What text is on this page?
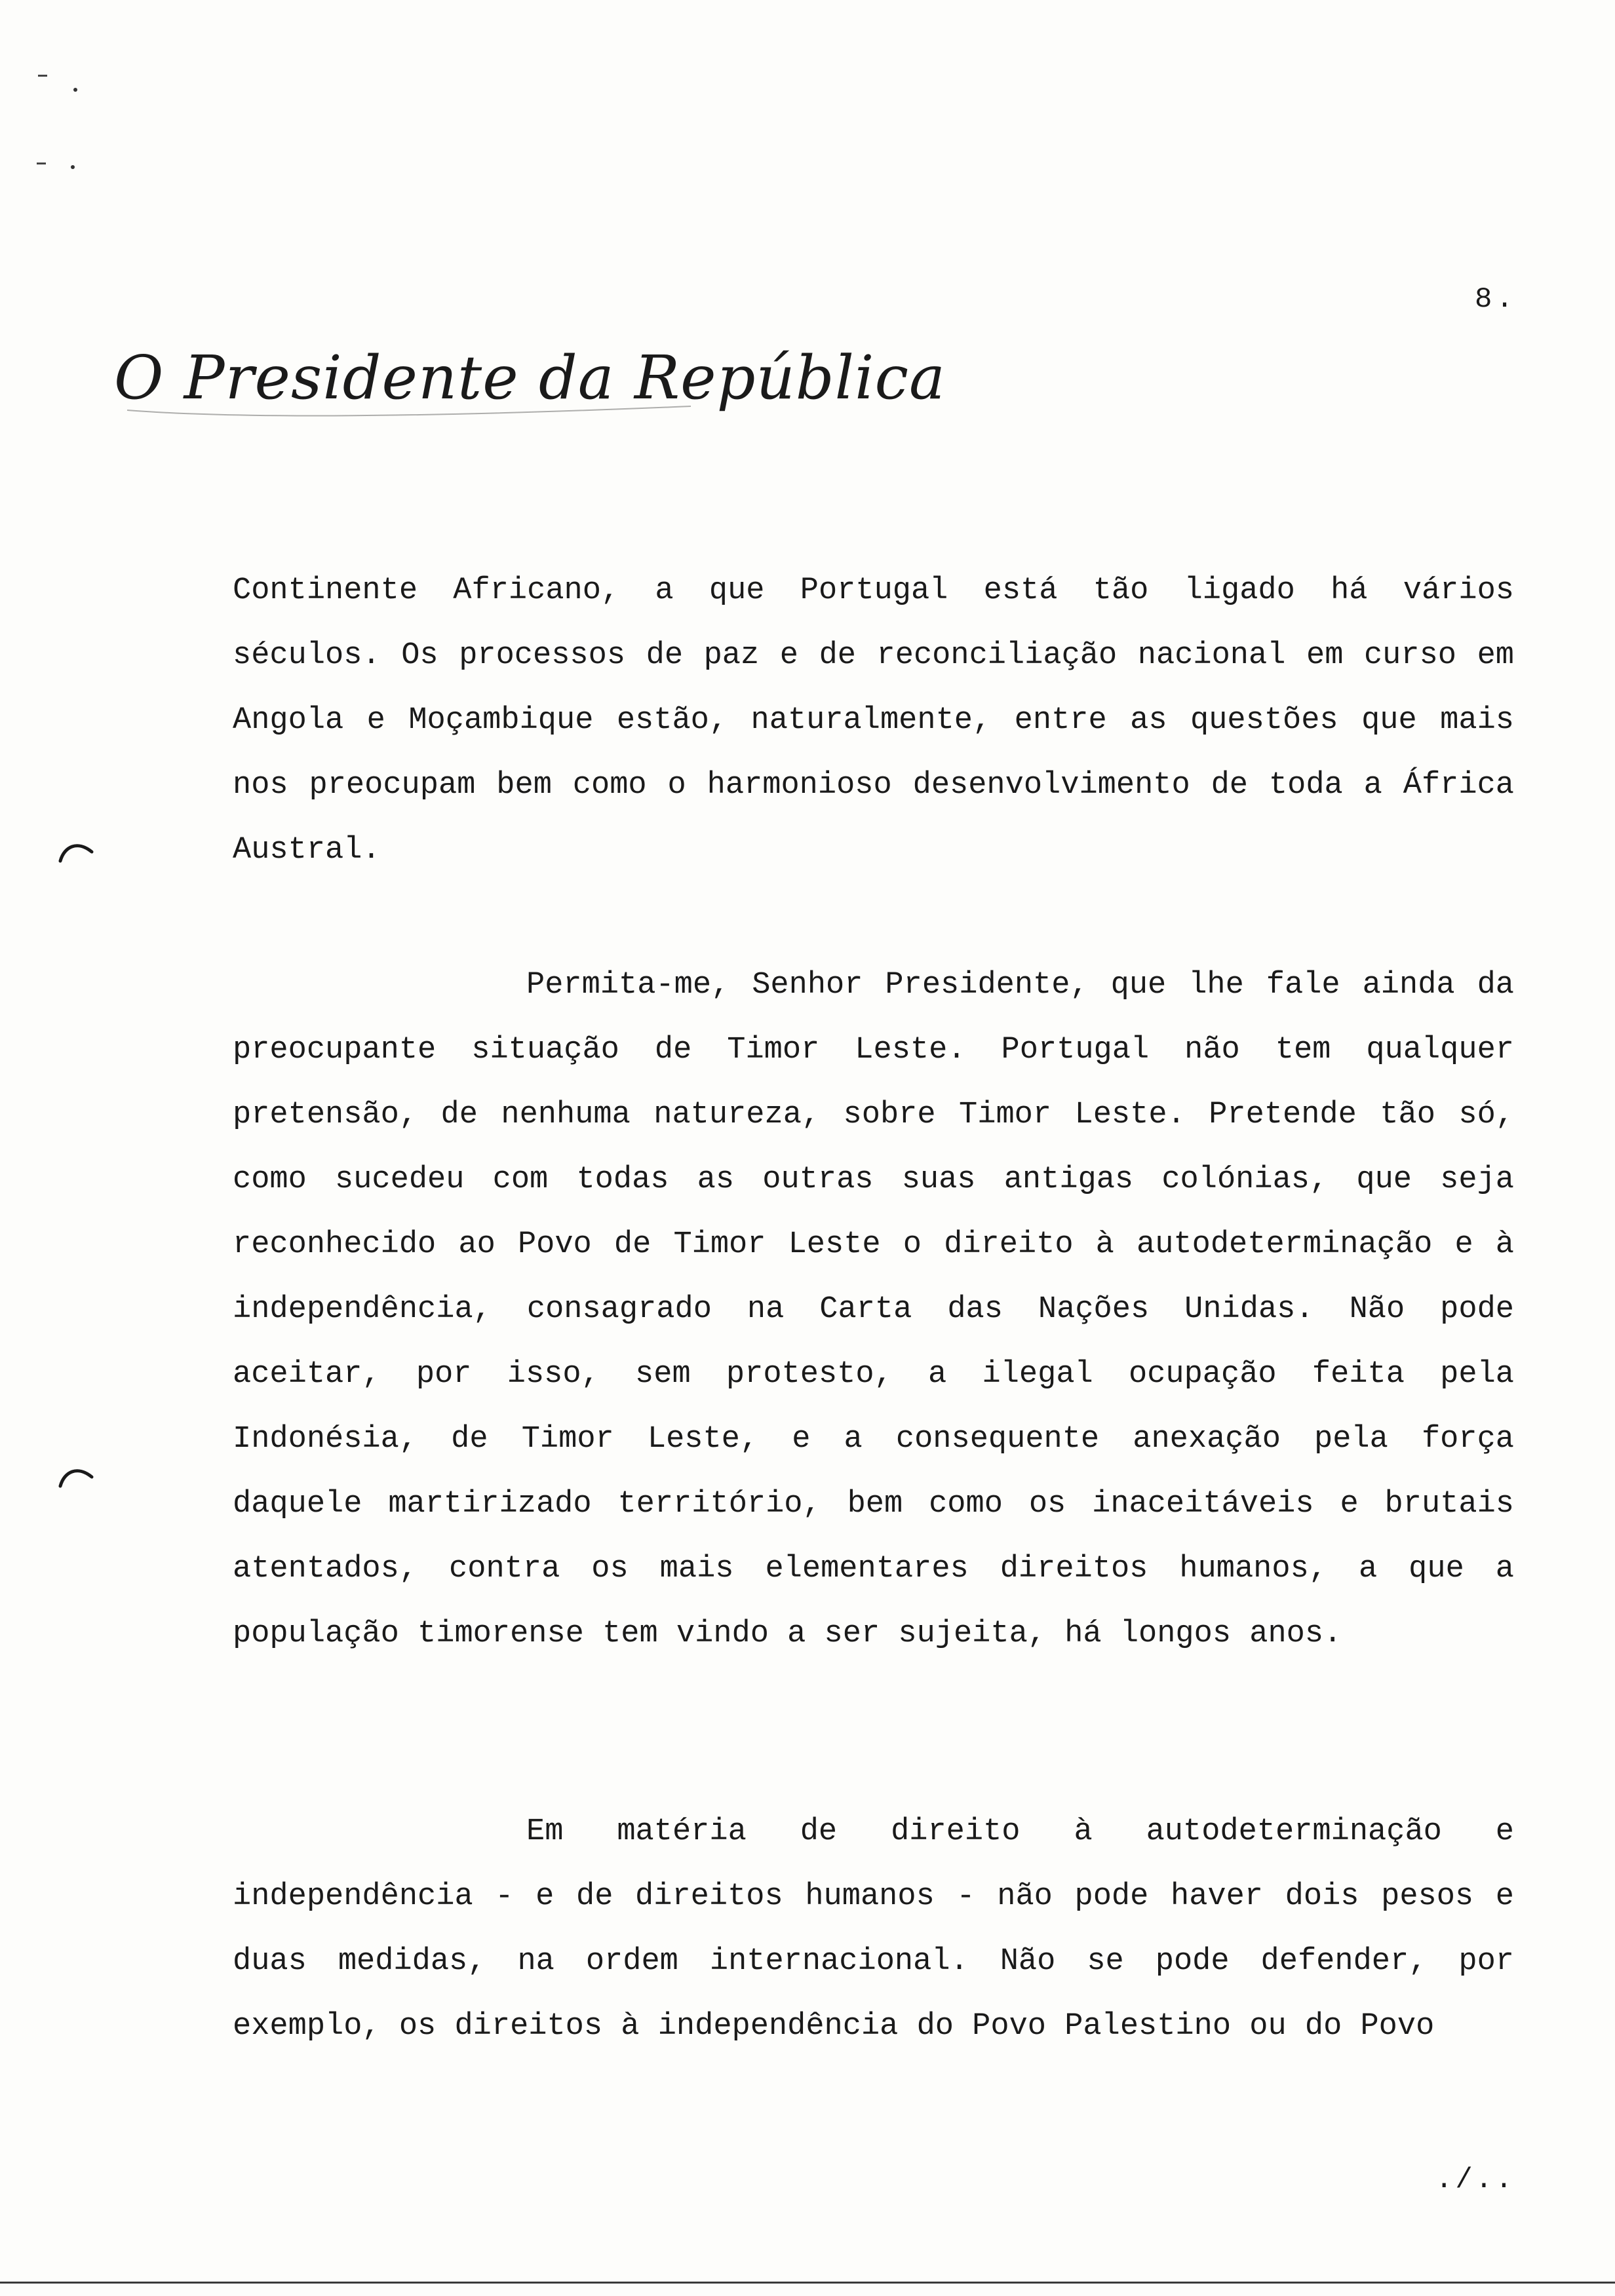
8.
O Presidente da República
Continente Africano, a que Portugal está tão ligado há vários séculos. Os processos de paz e de reconciliação nacional em curso em Angola e Moçambique estão, naturalmente, entre as questões que mais nos preocupam bem como o harmonioso desenvolvimento de toda a África Austral.
Permita-me, Senhor Presidente, que lhe fale ainda da preocupante situação de Timor Leste. Portugal não tem qualquer pretensão, de nenhuma natureza, sobre Timor Leste. Pretende tão só, como sucedeu com todas as outras suas antigas colónias, que seja reconhecido ao Povo de Timor Leste o direito à autodeterminação e à independência, consagrado na Carta das Nações Unidas. Não pode aceitar, por isso, sem protesto, a ilegal ocupação feita pela Indonésia, de Timor Leste, e a consequente anexação pela força daquele martirizado território, bem como os inaceitáveis e brutais atentados, contra os mais elementares direitos humanos, a que a população timorense tem vindo a ser sujeita, há longos anos.
Em matéria de direito à autodeterminação e independência - e de direitos humanos - não pode haver dois pesos e duas medidas, na ordem internacional. Não se pode defender, por exemplo, os direitos à independência do Povo Palestino ou do Povo
./..
